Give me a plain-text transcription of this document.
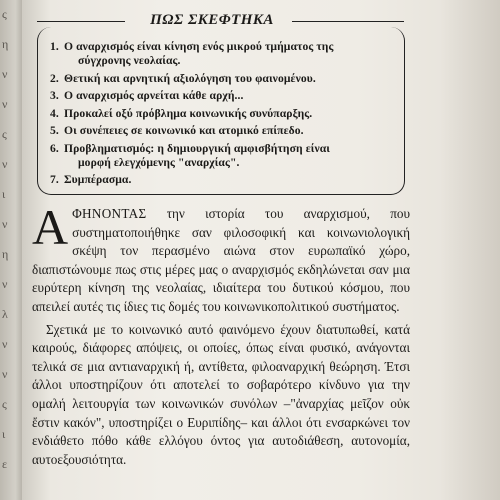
ς
η
ν
ν
ς
ν
ι
ν
η
ν
λ
ν
ν
ς
ι
ε
ΠΩΣ ΣΚΕΦΤΗΚΑ
1. Ο αναρχισμός είναι κίνηση ενός μικρού τμήματος της
σύγχρονης νεολαίας.
2. Θετική και αρνητική αξιολόγηση του φαινομένου.
3. Ο αναρχισμός αρνείται κάθε αρχή...
4. Προκαλεί οξύ πρόβλημα κοινωνικής συνύπαρξης.
5. Οι συνέπειες σε κοινωνικό και ατομικό επίπεδο.
6. Προβληματισμός: η δημιουργική αμφισβήτηση είναι
μορφή ελεγχόμενης "αναρχίας".
7. Συμπέρασμα.

ΑΦΗΝΟΝΤΑΣ την ιστορία του αναρχισμού, που συστηματοποιήθηκε σαν φιλοσοφική και κοινωνιολογική σκέψη τον περασμένο αιώνα στον ευρωπαϊκό χώρο, διαπιστώνουμε πως στις μέρες μας ο αναρχισμός εκδηλώνεται σαν μια ευρύτερη κίνηση της νεολαίας, ιδιαίτερα του δυτικού κόσμου, που απειλεί αυτές τις ίδιες τις δομές του κοινωνικοπολιτικού συστήματος.

Σχετικά με το κοινωνικό αυτό φαινόμενο έχουν διατυπωθεί, κατά καιρούς, διάφορες απόψεις, οι οποίες, όπως είναι φυσικό, ανάγονται τελικά σε μια αντιαναρχική ή, αντίθετα, φιλοαναρχική θεώρηση. Έτσι άλλοι υποστηρίζουν ότι αποτελεί το σοβαρότερο κίνδυνο για την ομαλή λειτουργία των κοινωνικών συνόλων –"ἀναρχίας μεῖζον οὐκ ἔστιν κακόν", υποστηρίζει ο Ευριπίδης– και άλλοι ότι ενσαρκώνει τον ενδιάθετο πόθο κάθε ελλόγου όντος για αυτοδιάθεση, αυτονομία, αυτοεξουσιότητα.
